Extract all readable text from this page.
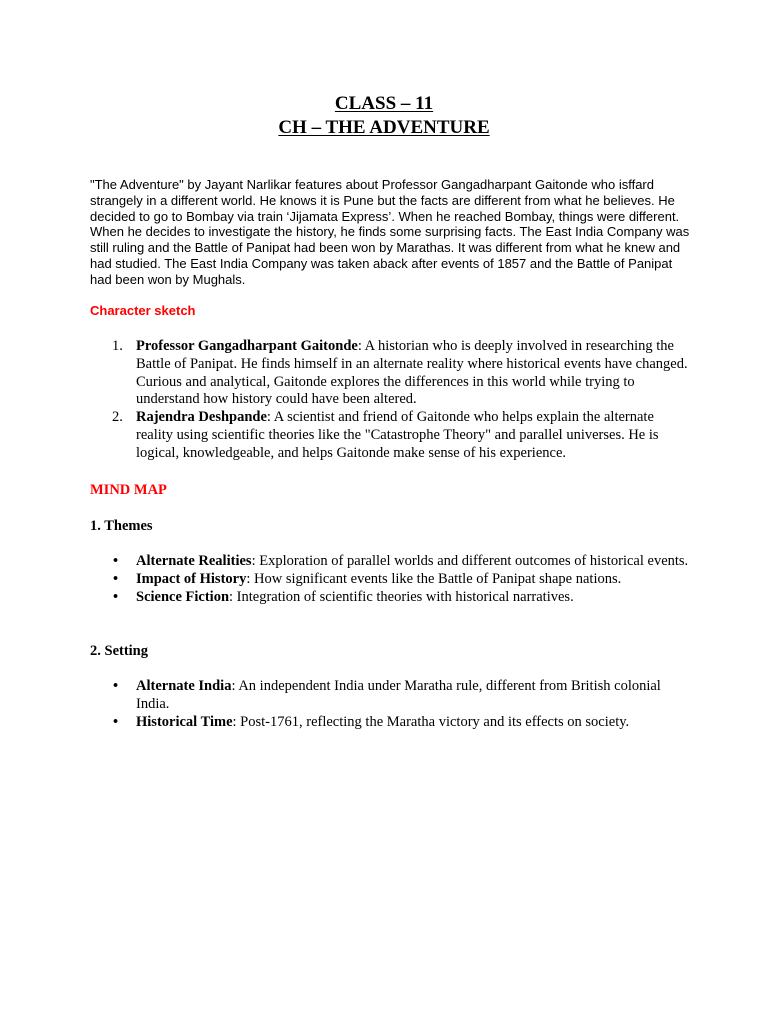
CLASS – 11
CH – THE ADVENTURE

"The Adventure" by Jayant Narlikar features about Professor Gangadharpant Gaitonde who isffard strangely in a different world. He knows it is Pune but the facts are different from what he believes. He decided to go to Bombay via train ‘Jijamata Express’. When he reached Bombay, things were different. When he decides to investigate the history, he finds some surprising facts. The East India Company was still ruling and the Battle of Panipat had been won by Marathas. It was different from what he knew and had studied. The East India Company was taken aback after events of 1857 and the Battle of Panipat had been won by Mughals.

Character sketch

1. Professor Gangadharpant Gaitonde: A historian who is deeply involved in researching the Battle of Panipat. He finds himself in an alternate reality where historical events have changed. Curious and analytical, Gaitonde explores the differences in this world while trying to understand how history could have been altered.
2. Rajendra Deshpande: A scientist and friend of Gaitonde who helps explain the alternate reality using scientific theories like the "Catastrophe Theory" and parallel universes. He is logical, knowledgeable, and helps Gaitonde make sense of his experience.

MIND MAP

1. Themes

• Alternate Realities: Exploration of parallel worlds and different outcomes of historical events.
• Impact of History: How significant events like the Battle of Panipat shape nations.
• Science Fiction: Integration of scientific theories with historical narratives.

2. Setting

• Alternate India: An independent India under Maratha rule, different from British colonial India.
• Historical Time: Post-1761, reflecting the Maratha victory and its effects on society.
